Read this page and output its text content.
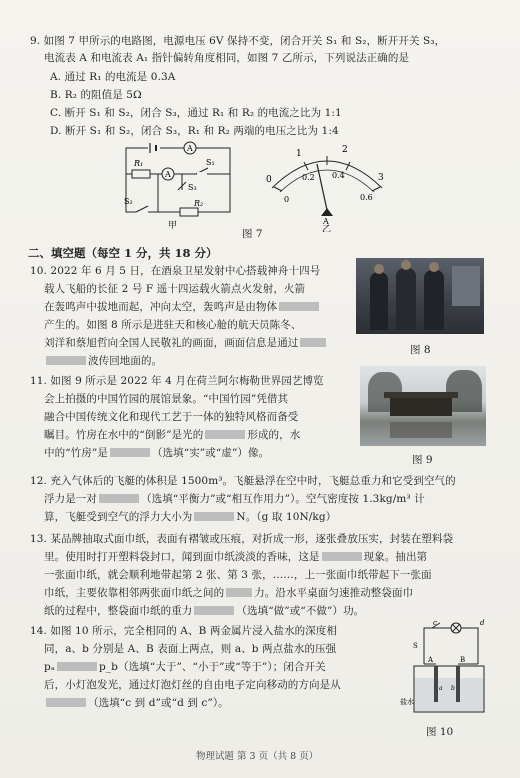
9. 如图 7 甲所示的电路图，电源电压 6V 保持不变，闭合开关 S₁ 和 S₂，断开开关 S₃，
电流表 A 和电流表 A₁ 指针偏转角度相同，如图 7 乙所示，下列说法正确的是
A. 通过 R₁ 的电流是 0.3A
B. R₂ 的阻值是 5Ω
C. 断开 S₁ 和 S₂，闭合 S₃，通过 R₁ 和 R₂ 的电流之比为 1:1
D. 断开 S₁ 和 S₂，闭合 S₃，R₁ 和 R₂ 两端的电压之比为 1:4
A
R₁
A
S₁
S₃
S₂	R₂
甲
0
1	2
3
0
0.2 0.4
0.6
A
乙
图 7
二、填空题（每空 1 分，共 18 分）
10. 2022 年 6 月 5 日，在酒泉卫星发射中心搭载神舟十四号
载人飞船的长征 2 号 F 遥十四运载火箭点火发射，火箭
在轰鸣声中拔地而起，冲向太空，轰鸣声是由物体
产生的。如图 8 所示是进驻天和核心舱的航天员陈冬、
刘洋和蔡旭哲向全国人民敬礼的画面，画面信息是通过
波传回地面的。
图 8
11. 如图 9 所示是 2022 年 4 月在荷兰阿尔梅勒世界园艺博览
会上拍摄的中国竹园的展馆景象。“中国竹园”凭借其
融合中国传统文化和现代工艺于一体的独特风格而备受
瞩目。竹房在水中的“倒影”是光的	形成的，水
中的“竹房”是	（选填“实”或“虚”）像。
图 9
12. 充入气体后的飞艇的体积是 1500m³。飞艇悬浮在空中时，飞艇总重力和它受到空气的
浮力是一对	（选填“平衡力”或“相互作用力”）。空气密度按 1.3kg/m³ 计
算，飞艇受到空气的浮力大小为	N。（g 取 10N/kg）
13. 某品牌抽取式面巾纸，表面有褶皱或压痕，对折成一形，逐张叠放压实，封装在塑料袋
里。使用时打开塑料袋封口，闻到面巾纸淡淡的香味，这是	现象。抽出第
一张面巾纸，就会顺利地带起第 2 张、第 3 张，……，上一张面巾纸带起下一张面
巾纸，主要依靠相邻两张面巾纸之间的	力。沿水平桌面匀速推动整袋面巾
纸的过程中，整袋面巾纸的重力	（选填“做”或“不做”）功。
14. 如图 10 所示，完全相同的 A、B 两金属片浸入盐水的深度相
同，a、b 分别是 A、B 表面上两点，则 a、b 两点盐水的压强
pₐ	p_b（选填“大于”、“小于”或“等于”）；闭合开关
后，小灯泡发光，通过灯泡灯丝的自由电子定向移动的方向是从
（选填“c 到 d”或“d 到 c”）。
c	d
S
A	B
a b
盐水
图 10
物理试题 第 3 页（共 8 页）
